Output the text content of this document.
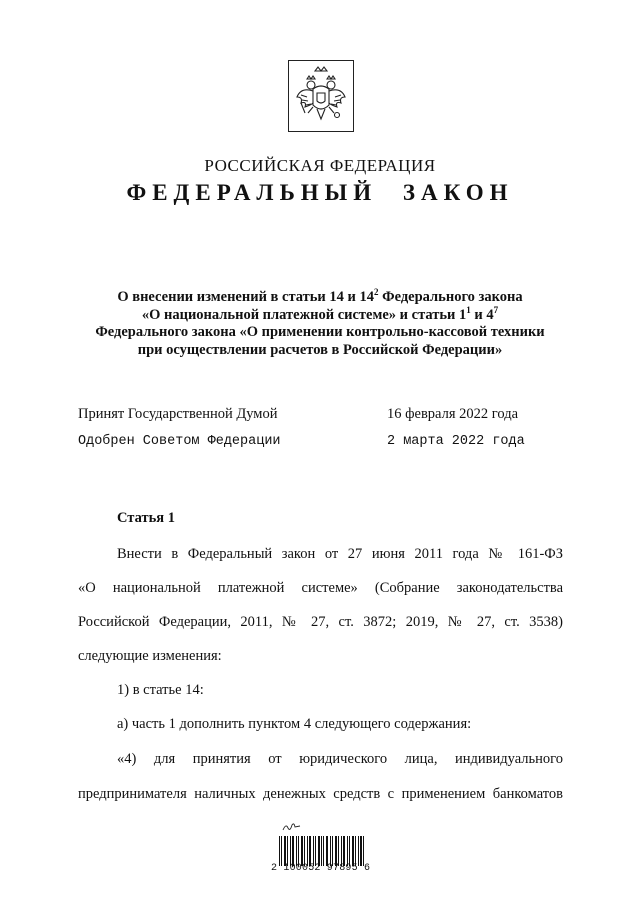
РОССИЙСКАЯ ФЕДЕРАЦИЯ
ФЕДЕРАЛЬНЫЙ ЗАКОН
О внесении изменений в статьи 14 и $14^2$ Федерального закона
«О национальной платежной системе» и статьи $1^1$ и $4^7$
Федерального закона «О применении контрольно-кассовой техники
при осуществлении расчетов в Российской Федерации»
Принят Государственной Думой	16 февраля 2022 года
Одобрен Советом Федерации	2 марта 2022 года
Статья 1
Внести в Федеральный закон от 27 июня 2011 года № 161-ФЗ
«О национальной платежной системе» (Собрание законодательства
Российской Федерации, 2011, № 27, ст. 3872; 2019, № 27, ст. 3538)
следующие изменения:
1) в статье 14:
а) часть 1 дополнить пунктом 4 следующего содержания:
«4) для принятия от юридического лица, индивидуального
предпринимателя наличных денежных средств с применением банкоматов
2 100052 97895 6
